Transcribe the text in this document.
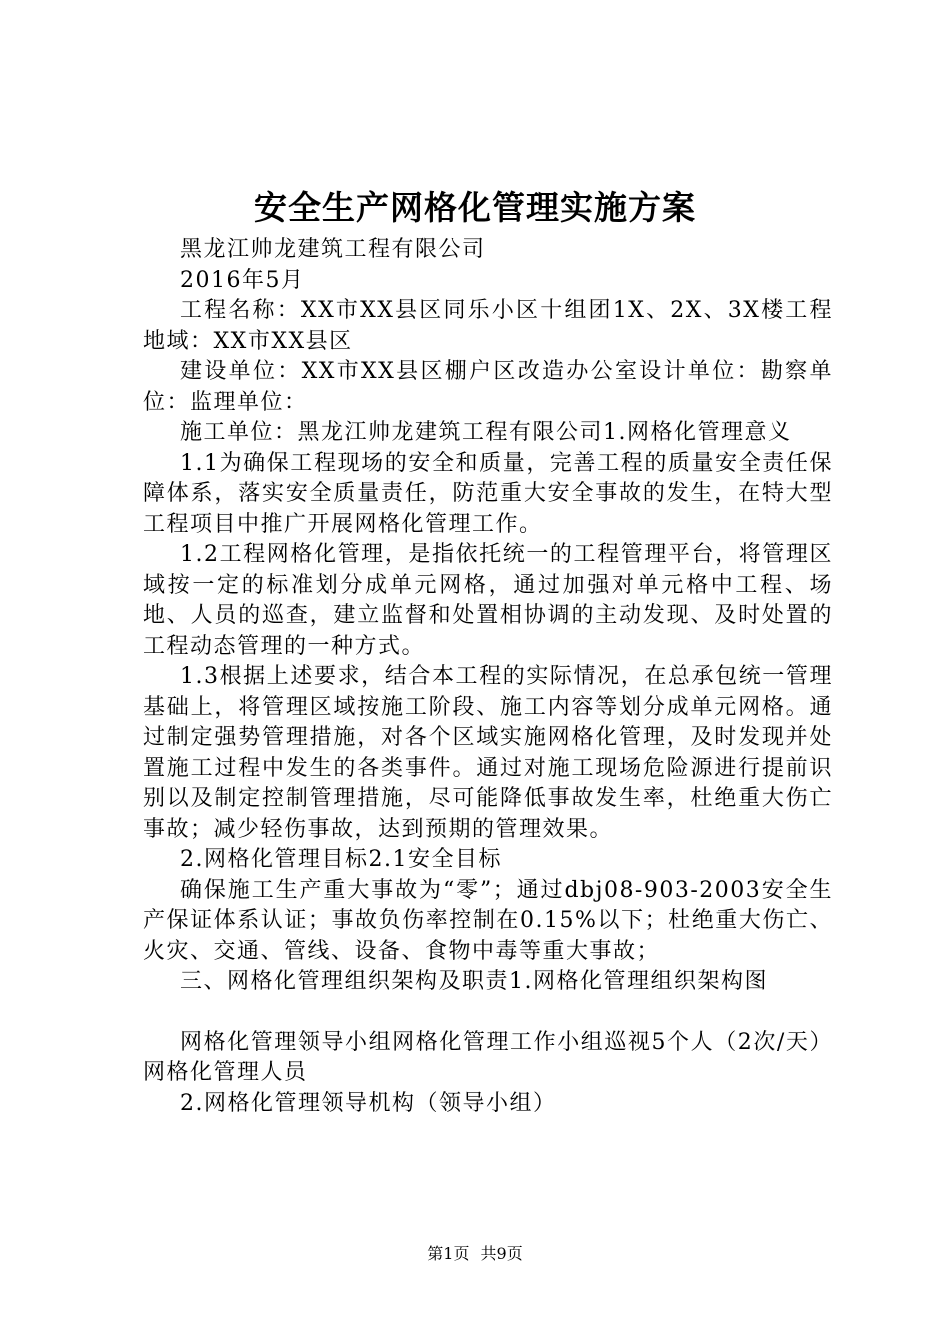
安全生产网格化管理实施方案

黑龙江帅龙建筑工程有限公司

2016年5月

工程名称：XX市XX县区同乐小区十组团1X、2X、3X楼工程地域：XX市XX县区

建设单位：XX市XX县区棚户区改造办公室设计单位：勘察单位：监理单位：

施工单位：黑龙江帅龙建筑工程有限公司1.网格化管理意义

1.1为确保工程现场的安全和质量，完善工程的质量安全责任保障体系，落实安全质量责任，防范重大安全事故的发生，在特大型工程项目中推广开展网格化管理工作。

1.2工程网格化管理，是指依托统一的工程管理平台，将管理区域按一定的标准划分成单元网格，通过加强对单元格中工程、场地、人员的巡查，建立监督和处置相协调的主动发现、及时处置的工程动态管理的一种方式。

1.3根据上述要求，结合本工程的实际情况，在总承包统一管理基础上，将管理区域按施工阶段、施工内容等划分成单元网格。通过制定强势管理措施，对各个区域实施网格化管理，及时发现并处置施工过程中发生的各类事件。通过对施工现场危险源进行提前识别以及制定控制管理措施，尽可能降低事故发生率，杜绝重大伤亡事故；减少轻伤事故，达到预期的管理效果。

2.网格化管理目标2.1安全目标

确保施工生产重大事故为“零”；通过dbj08-903-2003安全生产保证体系认证；事故负伤率控制在0.15%以下；杜绝重大伤亡、火灾、交通、管线、设备、食物中毒等重大事故；

三、网格化管理组织架构及职责1.网格化管理组织架构图

网格化管理领导小组网格化管理工作小组巡视5个人（2次/天）网格化管理人员

2.网格化管理领导机构（领导小组）

第1页 共9页
